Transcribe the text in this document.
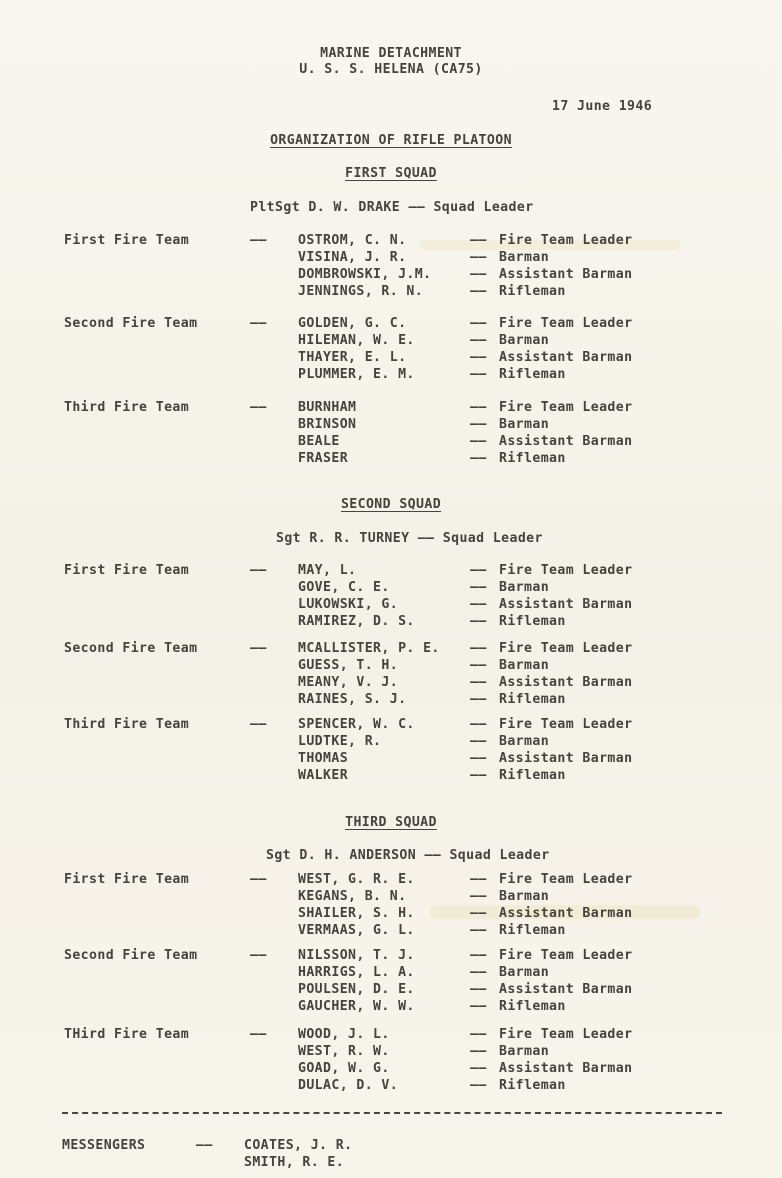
MARINE DETACHMENT
U. S. S. HELENA (CA75)
17 June 1946
ORGANIZATION OF RIFLE PLATOON
FIRST SQUAD
PltSgt D. W. DRAKE —— Squad Leader
First Fire Team	—— OSTROM, C. N.	—— Fire Team Leader
VISINA, J. R.	—— Barman
DOMBROWSKI, J.M.	—— Assistant Barman
JENNINGS, R. N.	—— Rifleman
Second Fire Team	—— GOLDEN, G. C.	—— Fire Team Leader
HILEMAN, W. E.	—— Barman
THAYER, E. L.	—— Assistant Barman
PLUMMER, E. M.	—— Rifleman
Third Fire Team	—— BURNHAM	—— Fire Team Leader
BRINSON	—— Barman
BEALE	—— Assistant Barman
FRASER	—— Rifleman
SECOND SQUAD
Sgt R. R. TURNEY —— Squad Leader
First Fire Team	—— MAY, L.	—— Fire Team Leader
GOVE, C. E.	—— Barman
LUKOWSKI, G.	—— Assistant Barman
RAMIREZ, D. S.	—— Rifleman
Second Fire Team	—— MCALLISTER, P. E. —— Fire Team Leader
GUESS, T. H.	—— Barman
MEANY, V. J.	—— Assistant Barman
RAINES, S. J.	—— Rifleman
Third Fire Team	—— SPENCER, W. C.	—— Fire Team Leader
LUDTKE, R.	—— Barman
THOMAS	—— Assistant Barman
WALKER	—— Rifleman
THIRD SQUAD
Sgt D. H. ANDERSON —— Squad Leader
First Fire Team	—— WEST, G. R. E.	—— Fire Team Leader
KEGANS, B. N.	—— Barman
SHAILER, S. H.	—— Assistant Barman
VERMAAS, G. L.	—— Rifleman
Second Fire Team	—— NILSSON, T. J.	—— Fire Team Leader
HARRIGS, L. A.	—— Barman
POULSEN, D. E.	—— Assistant Barman
GAUCHER, W. W.	—— Rifleman
THird Fire Team	—— WOOD, J. L.	—— Fire Team Leader
WEST, R. W.	—— Barman
GOAD, W. G.	—— Assistant Barman
DULAC, D. V.	—— Rifleman
MESSENGERS	—— COATES, J. R.
SMITH, R. E.
